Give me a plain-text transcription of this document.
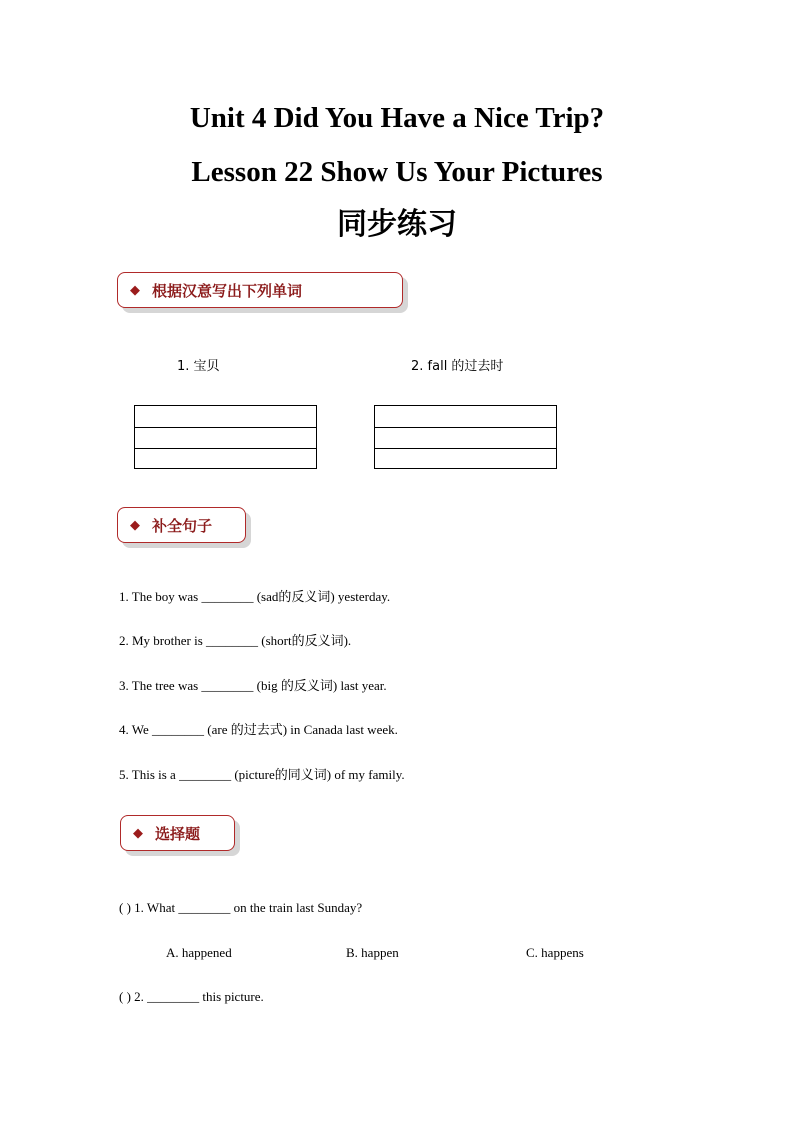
Unit 4 Did You Have a Nice Trip?
Lesson 22 Show Us Your Pictures
同步练习
◆ 根据汉意写出下列单词
1. 宝贝	2. fall 的过去时
◆ 补全句子
1. The boy was ________ (sad的反义词) yesterday.
2. My brother is ________ (short的反义词).
3. The tree was ________ (big 的反义词) last year.
4. We ________ (are 的过去式) in Canada last week.
5. This is a ________ (picture的同义词) of my family.
◆ 选择题
( ) 1. What ________ on the train last Sunday?
A. happened	B. happen	C. happens
( ) 2. ________ this picture.
